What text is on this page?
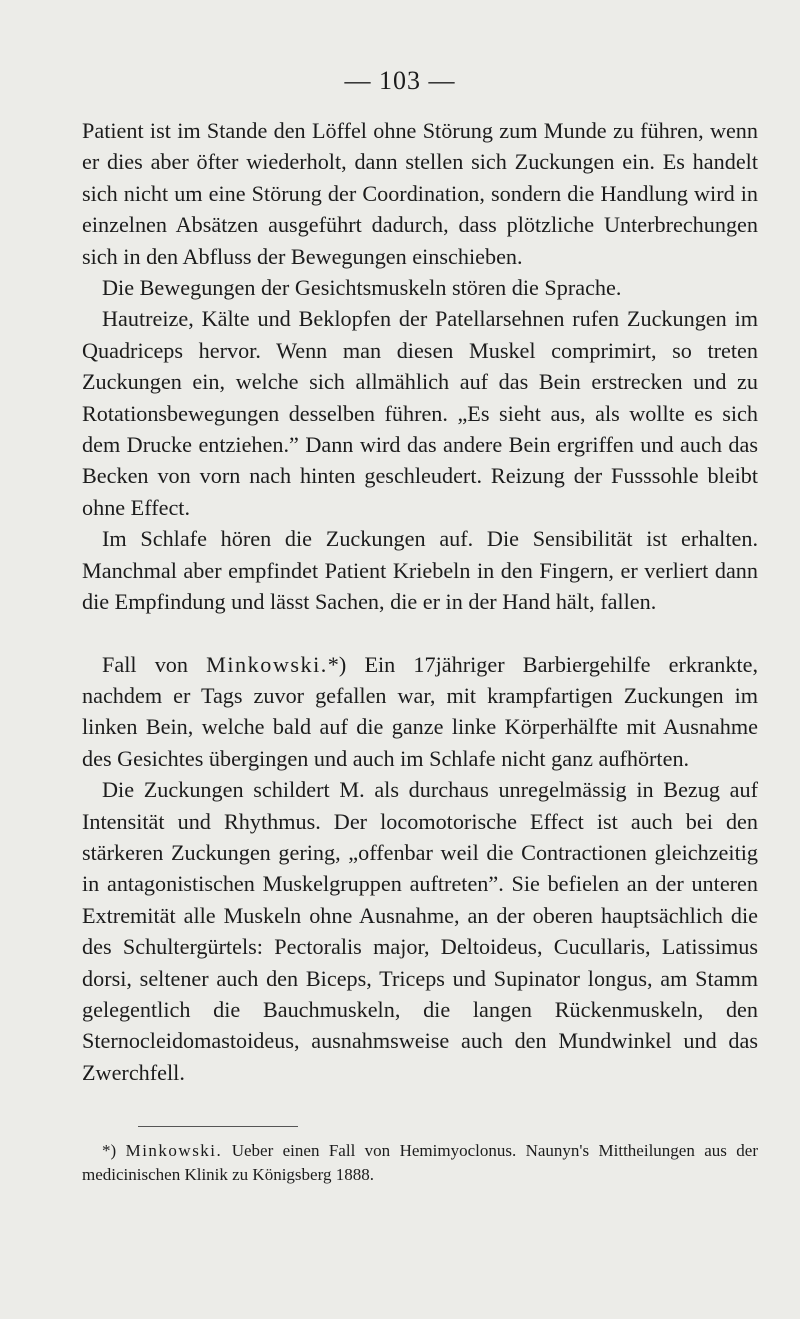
— 103 —

Patient ist im Stande den Löffel ohne Störung zum Munde zu führen, wenn er dies aber öfter wiederholt, dann stellen sich Zuckungen ein. Es handelt sich nicht um eine Störung der Coordination, sondern die Handlung wird in einzelnen Absätzen ausgeführt dadurch, dass plötzliche Unterbrechungen sich in den Abfluss der Bewegungen einschieben.

Die Bewegungen der Gesichtsmuskeln stören die Sprache.

Hautreize, Kälte und Beklopfen der Patellarsehnen rufen Zuckungen im Quadriceps hervor. Wenn man diesen Muskel comprimirt, so treten Zuckungen ein, welche sich allmählich auf das Bein erstrecken und zu Rotationsbewegungen desselben führen. „Es sieht aus, als wollte es sich dem Drucke entziehen.” Dann wird das andere Bein ergriffen und auch das Becken von vorn nach hinten geschleudert. Reizung der Fusssohle bleibt ohne Effect.

Im Schlafe hören die Zuckungen auf. Die Sensibilität ist erhalten. Manchmal aber empfindet Patient Kriebeln in den Fingern, er verliert dann die Empfindung und lässt Sachen, die er in der Hand hält, fallen.

Fall von Minkowski.*) Ein 17jähriger Barbiergehilfe erkrankte, nachdem er Tags zuvor gefallen war, mit krampfartigen Zuckungen im linken Bein, welche bald auf die ganze linke Körperhälfte mit Ausnahme des Gesichtes übergingen und auch im Schlafe nicht ganz aufhörten.

Die Zuckungen schildert M. als durchaus unregelmässig in Bezug auf Intensität und Rhythmus. Der locomotorische Effect ist auch bei den stärkeren Zuckungen gering, „offenbar weil die Contractionen gleichzeitig in antagonistischen Muskelgruppen auftreten”. Sie befielen an der unteren Extremität alle Muskeln ohne Ausnahme, an der oberen hauptsächlich die des Schultergürtels: Pectoralis major, Deltoideus, Cucullaris, Latissimus dorsi, seltener auch den Biceps, Triceps und Supinator longus, am Stamm gelegentlich die Bauchmuskeln, die langen Rückenmuskeln, den Sternocleidomastoideus, ausnahmsweise auch den Mundwinkel und das Zwerchfell.

*) Minkowski. Ueber einen Fall von Hemimyoclonus. Naunyn's Mittheilungen aus der medicinischen Klinik zu Königsberg 1888.
